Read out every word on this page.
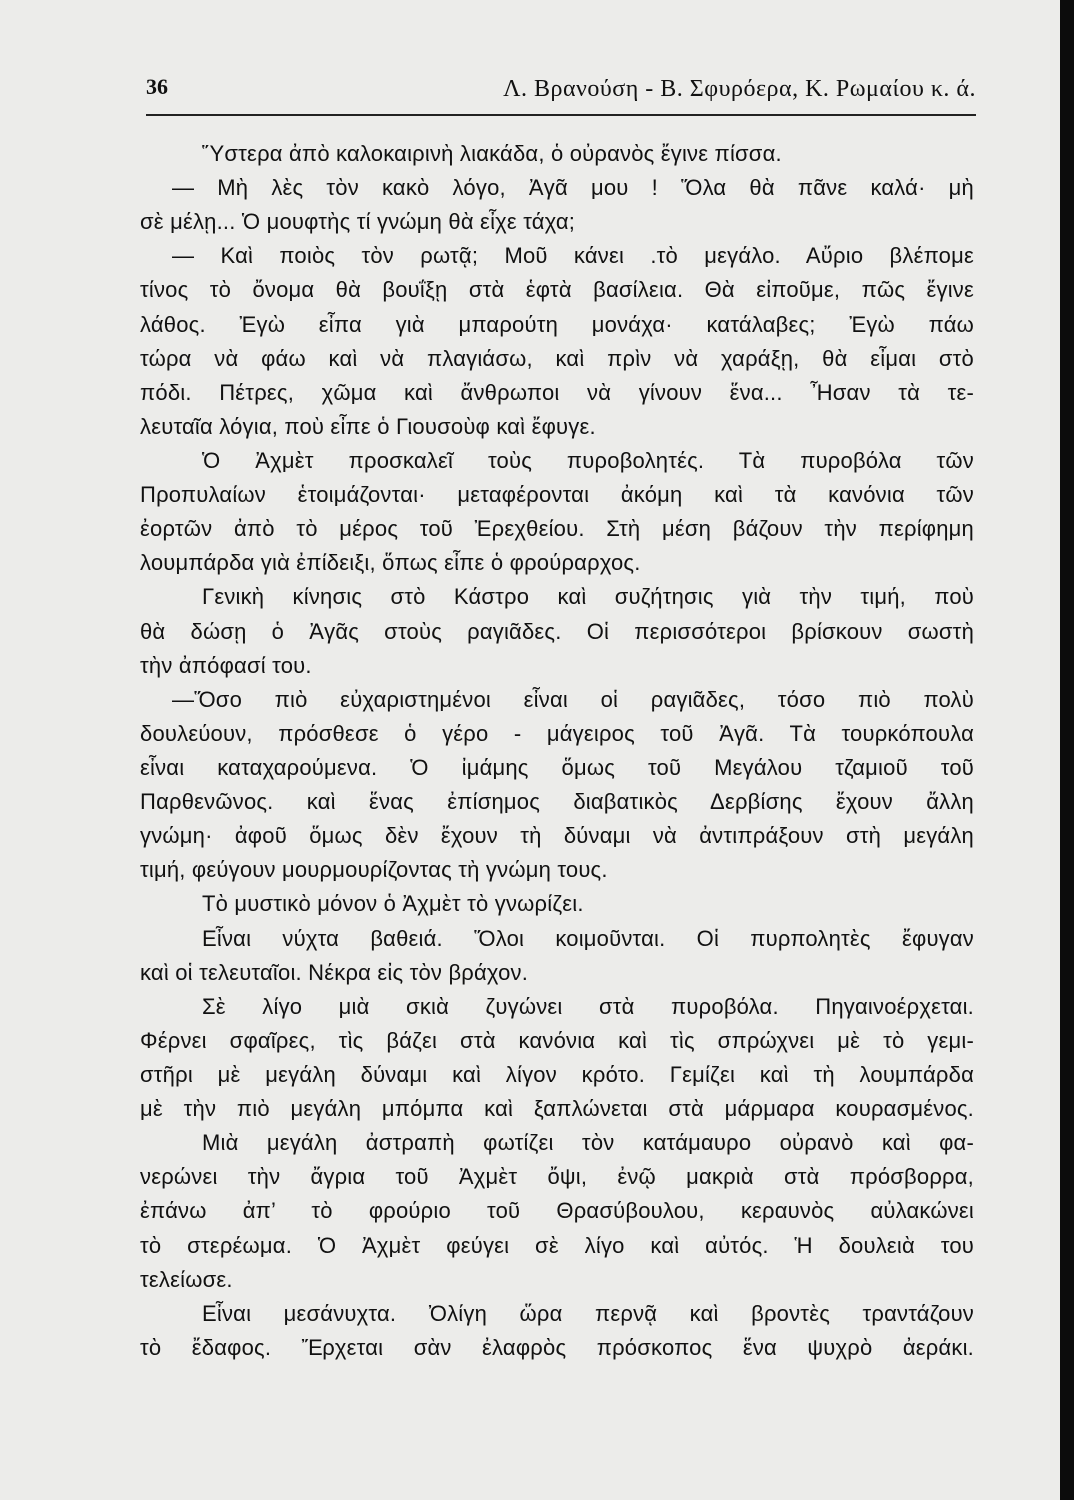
36	Λ. Βρανούση - Β. Σφυρόερα, Κ. Ρωμαίου κ. ά.
Ὕστερα ἀπὸ καλοκαιρινὴ λιακάδα, ὁ οὐρανὸς ἔγινε πίσσα.
— Μὴ λὲς τὸν κακὸ λόγο, Ἀγᾶ μου ! Ὅλα θὰ πᾶνε καλά· μὴ
σὲ μέλῃ... Ὁ μουφτὴς τί γνώμη θὰ εἶχε τάχα;
— Καὶ ποιὸς τὸν ρωτᾷ; Μοῦ κάνει .τὸ μεγάλο. Αὔριο βλέπομε
τίνος τὸ ὄνομα θὰ βουΐξῃ στὰ ἑφτὰ βασίλεια. Θὰ εἰποῦμε, πῶς ἔγινε
λάθος. Ἐγὼ εἶπα γιὰ μπαρούτη μονάχα· κατάλαβες; Ἐγὼ πάω
τώρα νὰ φάω καὶ νὰ πλαγιάσω, καὶ πρὶν νὰ χαράξῃ, θὰ εἶμαι στὸ
πόδι. Πέτρες, χῶμα καὶ ἄνθρωποι νὰ γίνουν ἕνα... Ἦσαν τὰ τε-
λευταῖα λόγια, ποὺ εἶπε ὁ Γιουσοὺφ καὶ ἔφυγε.
Ὁ Ἀχμὲτ προσκαλεῖ τοὺς πυροβολητές. Τὰ πυροβόλα τῶν
Προπυλαίων ἑτοιμάζονται· μεταφέρονται ἀκόμη καὶ τὰ κανόνια τῶν
ἐορτῶν ἀπὸ τὸ μέρος τοῦ Ἐρεχθείου. Στὴ μέση βάζουν τὴν περίφημη
λουμπάρδα γιὰ ἐπίδειξι, ὅπως εἶπε ὁ φρούραρχος.
Γενικὴ κίνησις στὸ Κάστρο καὶ συζήτησις γιὰ τὴν τιμή, ποὺ
θὰ δώσῃ ὁ Ἀγᾶς στοὺς ραγιᾶδες. Οἱ περισσότεροι βρίσκουν σωστὴ
τὴν ἀπόφασί του.
—Ὅσο πιὸ εὐχαριστημένοι εἶναι οἱ ραγιᾶδες, τόσο πιὸ πολὺ
δουλεύουν, πρόσθεσε ὁ γέρο - μάγειρος τοῦ Ἀγᾶ. Τὰ τουρκόπουλα
εἶναι καταχαρούμενα. Ὁ ἰμάμης ὅμως τοῦ Μεγάλου τζαμιοῦ τοῦ
Παρθενῶνος. καὶ ἕνας ἐπίσημος διαβατικὸς Δερβίσης ἔχουν ἄλλη
γνώμη· ἀφοῦ ὅμως δὲν ἔχουν τὴ δύναμι νὰ ἀντιπράξουν στὴ μεγάλη
τιμή, φεύγουν μουρμουρίζοντας τὴ γνώμη τους.
Τὸ μυστικὸ μόνον ὁ Ἀχμὲτ τὸ γνωρίζει.
Εἶναι νύχτα βαθειά. Ὅλοι κοιμοῦνται. Οἱ πυρπολητὲς ἔφυγαν
καὶ οἱ τελευταῖοι. Νέκρα εἰς τὸν βράχον.
Σὲ λίγο μιὰ σκιὰ ζυγώνει στὰ πυροβόλα. Πηγαινοέρχεται.
Φέρνει σφαῖρες, τὶς βάζει στὰ κανόνια καὶ τὶς σπρώχνει μὲ τὸ γεμι-
στῆρι μὲ μεγάλη δύναμι καὶ λίγον κρότο. Γεμίζει καὶ τὴ λουμπάρδα
μὲ τὴν πιὸ μεγάλη μπόμπα καὶ ξαπλώνεται στὰ μάρμαρα κουρασμένος.
Μιὰ μεγάλη ἀστραπὴ φωτίζει τὸν κατάμαυρο οὐρανὸ καὶ φα-
νερώνει τὴν ἄγρια τοῦ Ἀχμὲτ ὄψι, ἐνῷ μακριὰ στὰ πρόσβορρα,
ἐπάνω ἀπ’ τὸ φρούριο τοῦ Θρασύβουλου, κεραυνὸς αὐλακώνει
τὸ στερέωμα. Ὁ Ἀχμὲτ φεύγει σὲ λίγο καὶ αὐτός. Ἡ δουλειὰ του
τελείωσε.
Εἶναι μεσάνυχτα. Ὀλίγη ὥρα περνᾷ καὶ βροντὲς τραντάζουν
τὸ ἔδαφος. Ἔρχεται σὰν ἐλαφρὸς πρόσκοπος ἕνα ψυχρὸ ἀεράκι.
